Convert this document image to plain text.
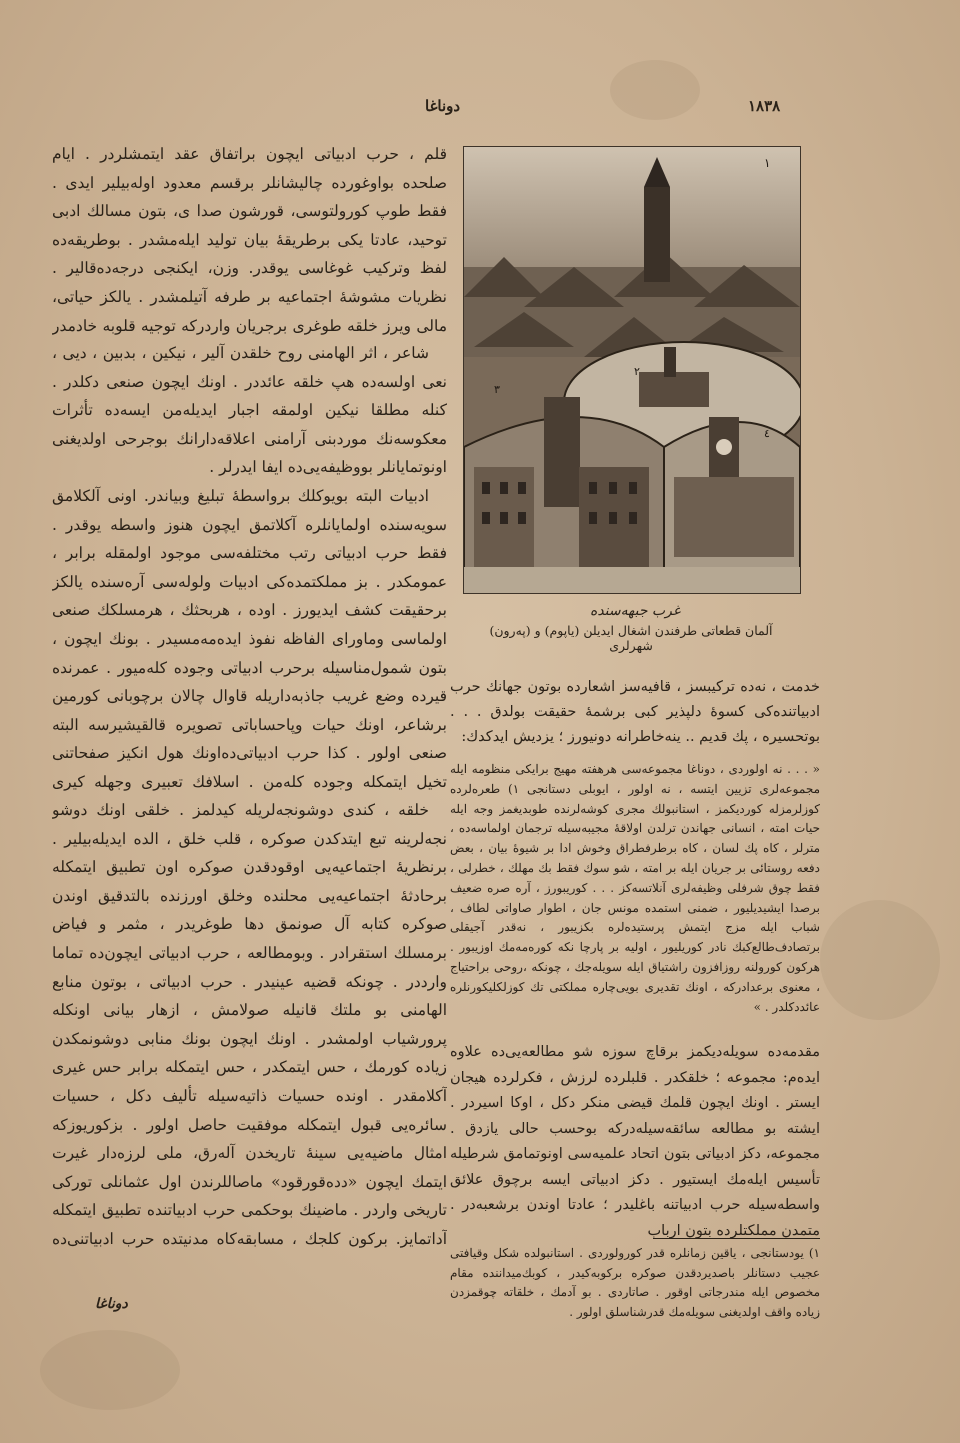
١٨٣٨
دوناغا

قلم ، حرب ادبیاتی ایچون براتفاق عقد ایتمشلردر . ایام صلحده بواوغورده چالیشانلر برقسم معدود اوله‌بیلیر ایدی . فقط طوپ کورولتوسی، قورشون صدا ی، بتون مسالك ادبی توحید، عادتا یکی برطریقهٔ بیان تولید ایله‌مشدر . بوطریقه‌ده لفظ وترکیب غوغاسی یوقدر. وزن، ایکنجی درجه‌ده‌قالیر . نظریات مشوشهٔ اجتماعیه بر طرفه آتیلمشدر . یالکز حیاتی، مالی ویرز خلقه طوغری برجریان واردرکه توجیه قلوبه خادمدر

شاعر ، اثر الهامنی روح خلقدن آلیر ، نیکین ، بدبین ، دیی ، نعی اولسه‌ده هپ خلقه عائددر . اونك ایچون صنعی دکلدر . کنله مطلقا نیکین اولمقه اجبار ایدیله‌من ایسه‌ده تأثرات معکوسه‌نك موردبنی آرامنی اعلاقه‌دارانك بوجرحی اولدیغنی اونوتمایانلر بووظیفه‌یی‌ده ایفا ایدرلر .

ادبیات البته بویوکلك برواسطهٔ تبلیغ وبیاندر. اونی آلکلامق سویه‌سنده اولمایانلره آکلاتمق ایچون هنوز واسطه یوقدر . فقط حرب ادبیاتی رتب مختلفه‌سی موجود اولمقله برابر ، عمومکدر . بز مملکتمده‌کی ادبیات ولوله‌سی آره‌سنده یالکز برحقیقت کشف ایدیورز . اوده ، هربحثك ، هرمسلکك صنعی اولماسی وماورای الفاظه نفوذ ایده‌مه‌مسیدر . بونك ایچون ، بتون شمول‌مناسیله برحرب ادبیاتی وجوده کله‌میور . عمرنده قیرده وضع غریب جاذبه‌داریله قاوال چالان برچوبانی کورمین برشاعر، اونك حیات وپاحساباتی تصویره قالقیشیرسه البته صنعی اولور . کذا حرب ادبیاتی‌ده‌اونك هول انکیز صفحاتنی تخیل ایتمکله وجوده کله‌من . اسلافك تعبیری وجهله کیری

خلقه ، کندی دوشونجه‌لریله کیدلمز . خلقی اونك دوشو نجه‌لرینه تبع ایتدکدن صوکره ، قلب خلق ، الده ایدیله‌بیلیر . برنظریهٔ اجتماعیه‌یی اوقودقدن صوکره اون تطبیق ایتمکله برحادثهٔ اجتماعیه‌یی محلنده وخلق اورزنده بالتدقیق اوندن صوکره کتابه آل صونمق دها طوغریدر ، مثمر و فیاض برمسلك استقرادر . وبومطالعه ، حرب ادبیاتی ایچون‌ده تماما وارددر . چونکه قضیه عینیدر . حرب ادبیاتی ، بوتون منابع الهامنی بو ملتك قانیله صولامش ، ازهار بیانی اونکله پرورشیاب اولمشدر . اونك ایچون بونك منابی دوشونمکدن زیاده کورمك ، حس ایتمکدر ، حس ایتمکله برابر حس غیری آکلامقدر . اونده حسیات ذاتیه‌سیله تألیف دکل ، حسیات سائره‌یی قبول ایتمکله موفقیت حاصل اولور . بزکوریوزکه امثال ماضیه‌یی سینهٔ تاریخدن آلەرق، ملی لرزه‌دار غیرت ایتمك ایچون «دده‌قورقود» ماصاللرندن اول عثمانلی تورکی تاریخی واردر . ماضینك بوحکمی حرب ادبیاتنده تطبیق ایتمکله آداتمایز. برکون کلجك ، مسابقه‌کاه مدنیتده حرب ادبیاتنی‌ده

دوناغا
١
٢
٣
٤
غرب جبهه‌سنده
آلمان قطعاتی طرفندن اشغال ایدیلن (یاپوم) و (پەرون) شهرلری
خدمت ، نه‌ده ترکیبسز ، قافیه‌سز اشعارده بوتون جهانك حرب ادبیاتنده‌کی کسوهٔ دلپذیر کبی برشمهٔ حقیقت بولدق . . . بوتحسیره ، پك قدیم .. ینه‌خاطرانه دونیورز ؛ یزدیش ایدکدك:
« . . . نه اولوردی ، دوناغا مجموعه‌سی هرهفته مهیج برایکی منظومه ایله مجموعه‌لری تزیین ایتسه ، نه اولور ، ایوبلی دستانجی ١) طعره‌لرده کوزلرمزله کوردیکمز ، استانبولك مجری کوشه‌لرنده طوبدیغمز وجه ایله حیات امته ، انسانی جهاندن ترلدن اولاقهٔ مجیبه‌سیله ترجمان اولماسەده ، مترلر ، کاه پك لسان ، کاه برطرفطراق وخوش ادا بر شیوهٔ بیان ، بعض دفعه روستائی بر جریان ایله بر امته ، شو سوك فقط بك مهلك ، خطرلی ، فقط چوق شرفلی وظیفه‌لری آنلاتسه‌کز . . . کوریبورز ، آره صره ضعیف برصدا ایشیدیلیور ، ضمنی استمده مونس جان ، اطوار صاواتی لطاف ، شباب ایله مزج ایتمش پرستیده‌لره بکزیبور ، نه‌قدر آجیقلی برتصادف‌طالع‌کبك نادر کوریلیور ، اولیه بر پارچا نکه کورەمەمك اوزیبور . هرکون کورولنه روزافزون راشتیاق ایله سویله‌جك ، چونکه ،روحی براحتیاج ، معنوی برعدادرکه ، اونك تقدیری بویی‌چاره مملکتی تك کوزلکلیکورنلره عائددکلدر . »
مقدمه‌ده سویلەدیکمز برقاچ سوزه شو مطالعه‌یی‌ده علاوه ایدەم: مجموعه ؛ خلقکدر . قلبلرده لرزش ، فکرلرده هیجان ایستر . اونك ایچون قلمك قیضی منکر دکل ، اوکا اسیردر . ایشته بو مطالعه سائقه‌سیله‌درکه بوحسب حالی یازدق . مجموعه، دکز ادبیاتی بتون اتحاد علمیه‌سی اونوتمامق شرطیله تأسیس ایله‌مك ایستیور . دکز ادبیاتی ایسه برچوق علائق واسطه‌سیله حرب ادبیاتنه باغلیدر ؛ عادتا اوندن برشعبه‌در . متمدن مملکتلرده بتون ارباب
١) یودستانجی ، یاقین زمانلره قدر کورولوردی . استانبولده شکل وقیافتی عجیب دستانلر باصدیردقدن صوکره برکوبه‌کیدر ، کوبك‌میدانندە مقام مخصوص ایله مندرجاتی اوقور . صاتاردی . بو آدمك ، خلقاته چوقمزدن زیاده واقف اولدیغنی سویله‌مك قدرشناسلق اولور .
